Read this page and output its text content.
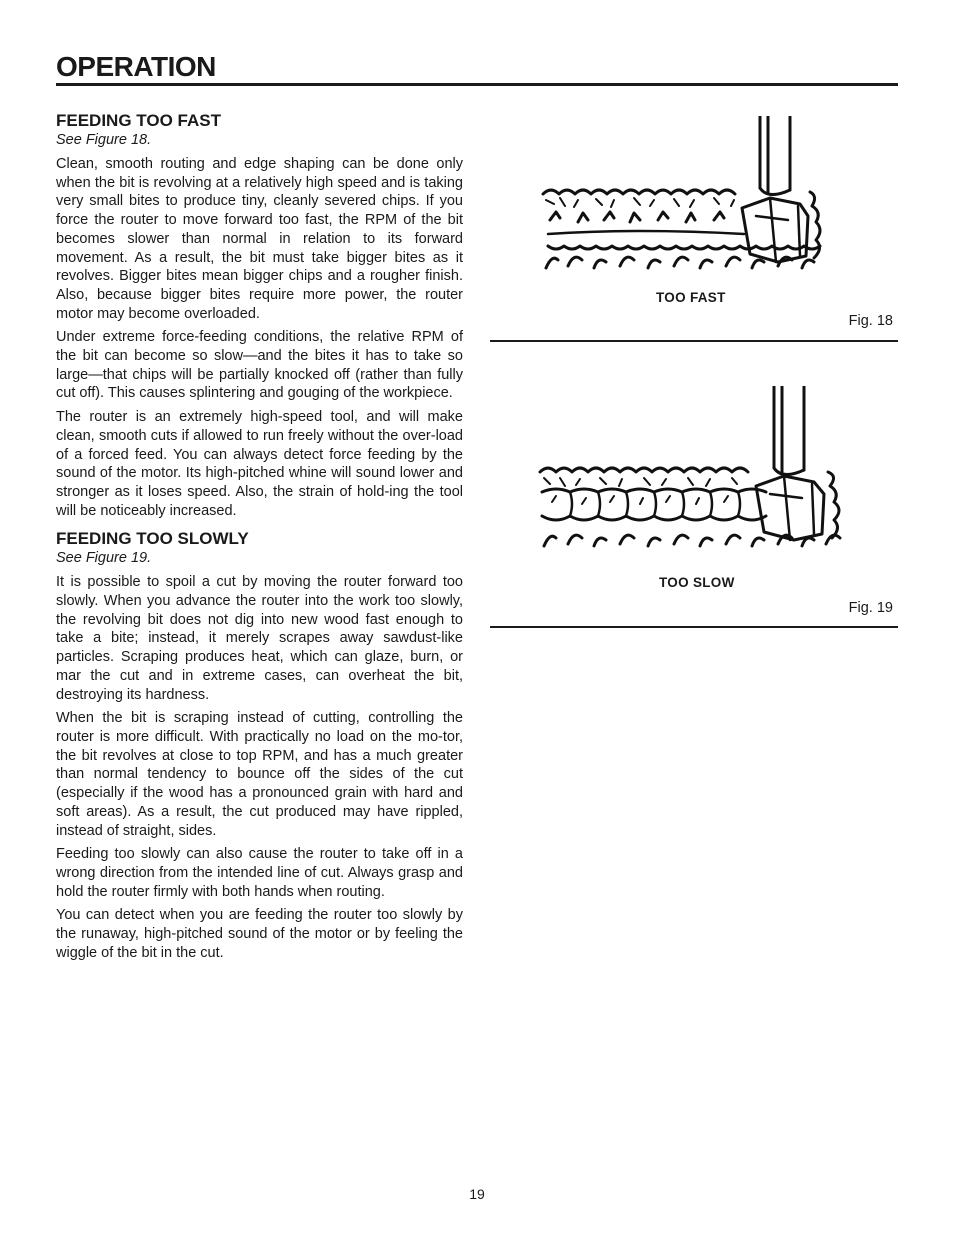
OPERATION
FEEDING TOO FAST

See Figure 18.

Clean, smooth routing and edge shaping can be done only when the bit is revolving at a relatively high speed and is taking very small bites to produce tiny, cleanly severed chips. If you force the router to move forward too fast, the RPM of the bit becomes slower than normal in relation to its forward movement. As a result, the bit must take bigger bites as it revolves. Bigger bites mean bigger chips and a rougher finish. Also, because bigger bites require more power, the router motor may become overloaded.

Under extreme force-feeding conditions, the relative RPM of the bit can become so slow—and the bites it has to take so large—that chips will be partially knocked off (rather than fully cut off). This causes splintering and gouging of the workpiece.

The router is an extremely high-speed tool, and will make clean, smooth cuts if allowed to run freely without the over-load of a forced feed. You can always detect force feeding by the sound of the motor. Its high-pitched whine will sound lower and stronger as it loses speed. Also, the strain of hold-ing the tool will be noticeably increased.

FEEDING TOO SLOWLY

See Figure 19.

It is possible to spoil a cut by moving the router forward too slowly. When you advance the router into the work too slowly, the revolving bit does not dig into new wood fast enough to take a bite; instead, it merely scrapes away sawdust-like particles. Scraping produces heat, which can glaze, burn, or mar the cut and in extreme cases, can overheat the bit, destroying its hardness.

When the bit is scraping instead of cutting, controlling the router is more difficult. With practically no load on the mo-tor, the bit revolves at close to top RPM, and has a much greater than normal tendency to bounce off the sides of the cut (especially if the wood has a pronounced grain with hard and soft areas). As a result, the cut produced may have rippled, instead of straight, sides.

Feeding too slowly can also cause the router to take off in a wrong direction from the intended line of cut. Always grasp and hold the router firmly with both hands when routing.

You can detect when you are feeding the router too slowly by the runaway, high-pitched sound of the motor or by feeling the wiggle of the bit in the cut.

TOO FAST
Fig. 18
TOO SLOW
Fig. 19
19
